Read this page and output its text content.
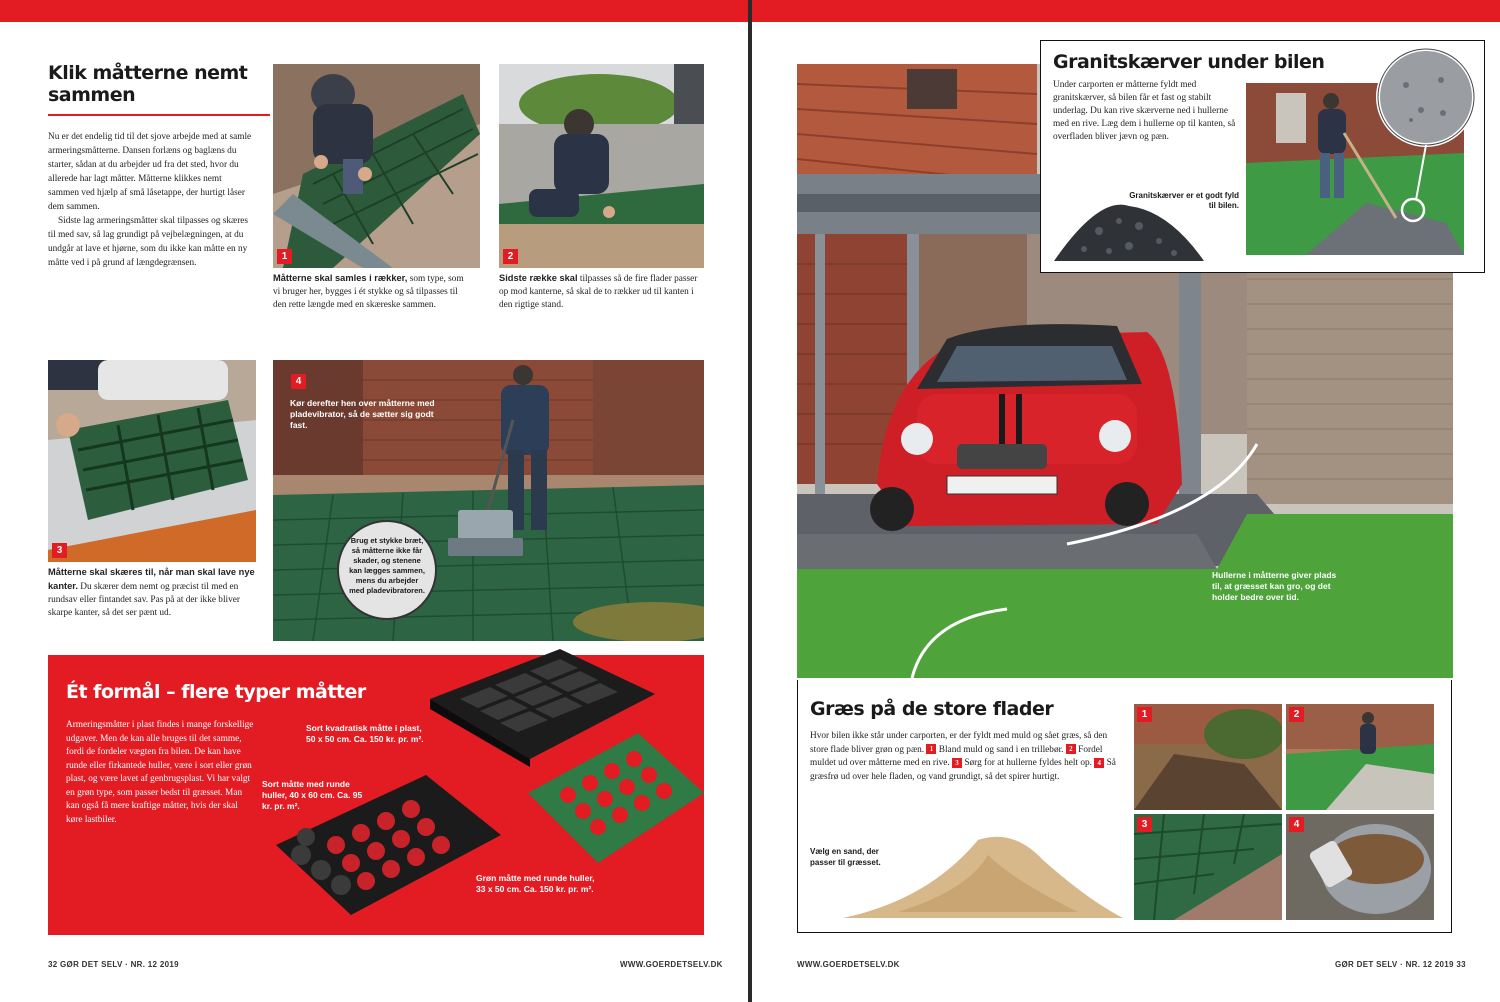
Klik måtterne nemt sammen

Nu er det endelig tid til det sjove arbejde med at samle armeringsmåtterne. Dansen forlæns og baglæns du starter, sådan at du arbejder ud fra det sted, hvor du allerede har lagt måtter. Måtterne klikkes nemt sammen ved hjælp af små låsetappe, der hurtigt låser dem sammen.

Sidste lag armeringsmåtter skal tilpasses og skæres til med sav, så lag grundigt på vejbelægningen, at du undgår at lave et hjørne, som du ikke kan måtte en ny måtte ved i på grund af længdegrænsen.

1
Måtterne skal samles i rækker, som type, som vi bruger her, bygges i ét stykke og så tilpasses til den rette længde med en skæreske sammen.
2
Sidste række skal tilpasses så de fire flader passer op mod kanterne, så skal de to rækker ud til kanten i den rigtige stand.
3
Måtterne skal skæres til, når man skal lave nye kanter. Du skærer dem nemt og præcist til med en rundsav eller fintandet sav. Pas på at der ikke bliver skarpe kanter, så det ser pænt ud.
4
Kør derefter hen over måtterne med pladevibrator, så de sætter sig godt fast.
Brug et stykke bræt, så måtterne ikke får skader, og stenene kan lægges sammen, mens du arbejder med pladevibratoren.
Ét formål – flere typer måtter
Armeringsmåtter i plast findes i mange forskellige udgaver. Men de kan alle bruges til det samme, fordi de fordeler vægten fra bilen. De kan have runde eller firkantede huller, være i sort eller grøn plast, og være lavet af genbrugsplast. Vi har valgt en grøn type, som passer bedst til græsset. Man kan også få mere kraftige måtter, hvis der skal køre lastbiler.
Sort kvadratisk måtte i plast, 50 x 50 cm. Ca. 150 kr. pr. m².
Sort måtte med runde huller, 40 x 60 cm. Ca. 95 kr. pr. m².
Grøn måtte med runde huller, 33 x 50 cm. Ca. 150 kr. pr. m².
32 GØR DET SELV · NR. 12 2019	WWW.GOERDETSELV.DK
Hullerne i måtterne giver plads til, at græsset kan gro, og det holder bedre over tid.
Granitskærver under bilen
Under carporten er måtterne fyldt med granitskærver, så bilen får et fast og stabilt underlag. Du kan rive skærverne ned i hullerne med en rive. Læg dem i hullerne op til kanten, så overfladen bliver jævn og pæn.
Granitskærver er et godt fyld til bilen.
Græs på de store flader
Hvor bilen ikke står under carporten, er der fyldt med muld og sået græs, så den store flade bliver grøn og pæn. 1 Bland muld og sand i en trillebør. 2 Fordel muldet ud over måtterne med en rive. 3 Sørg for at hullerne fyldes helt op. 4 Så græsfrø ud over hele fladen, og vand grundigt, så det spirer hurtigt.
Vælg en sand, der passer til græsset.
1	2
3	4
WWW.GOERDETSELV.DK	GØR DET SELV · NR. 12 2019 33
